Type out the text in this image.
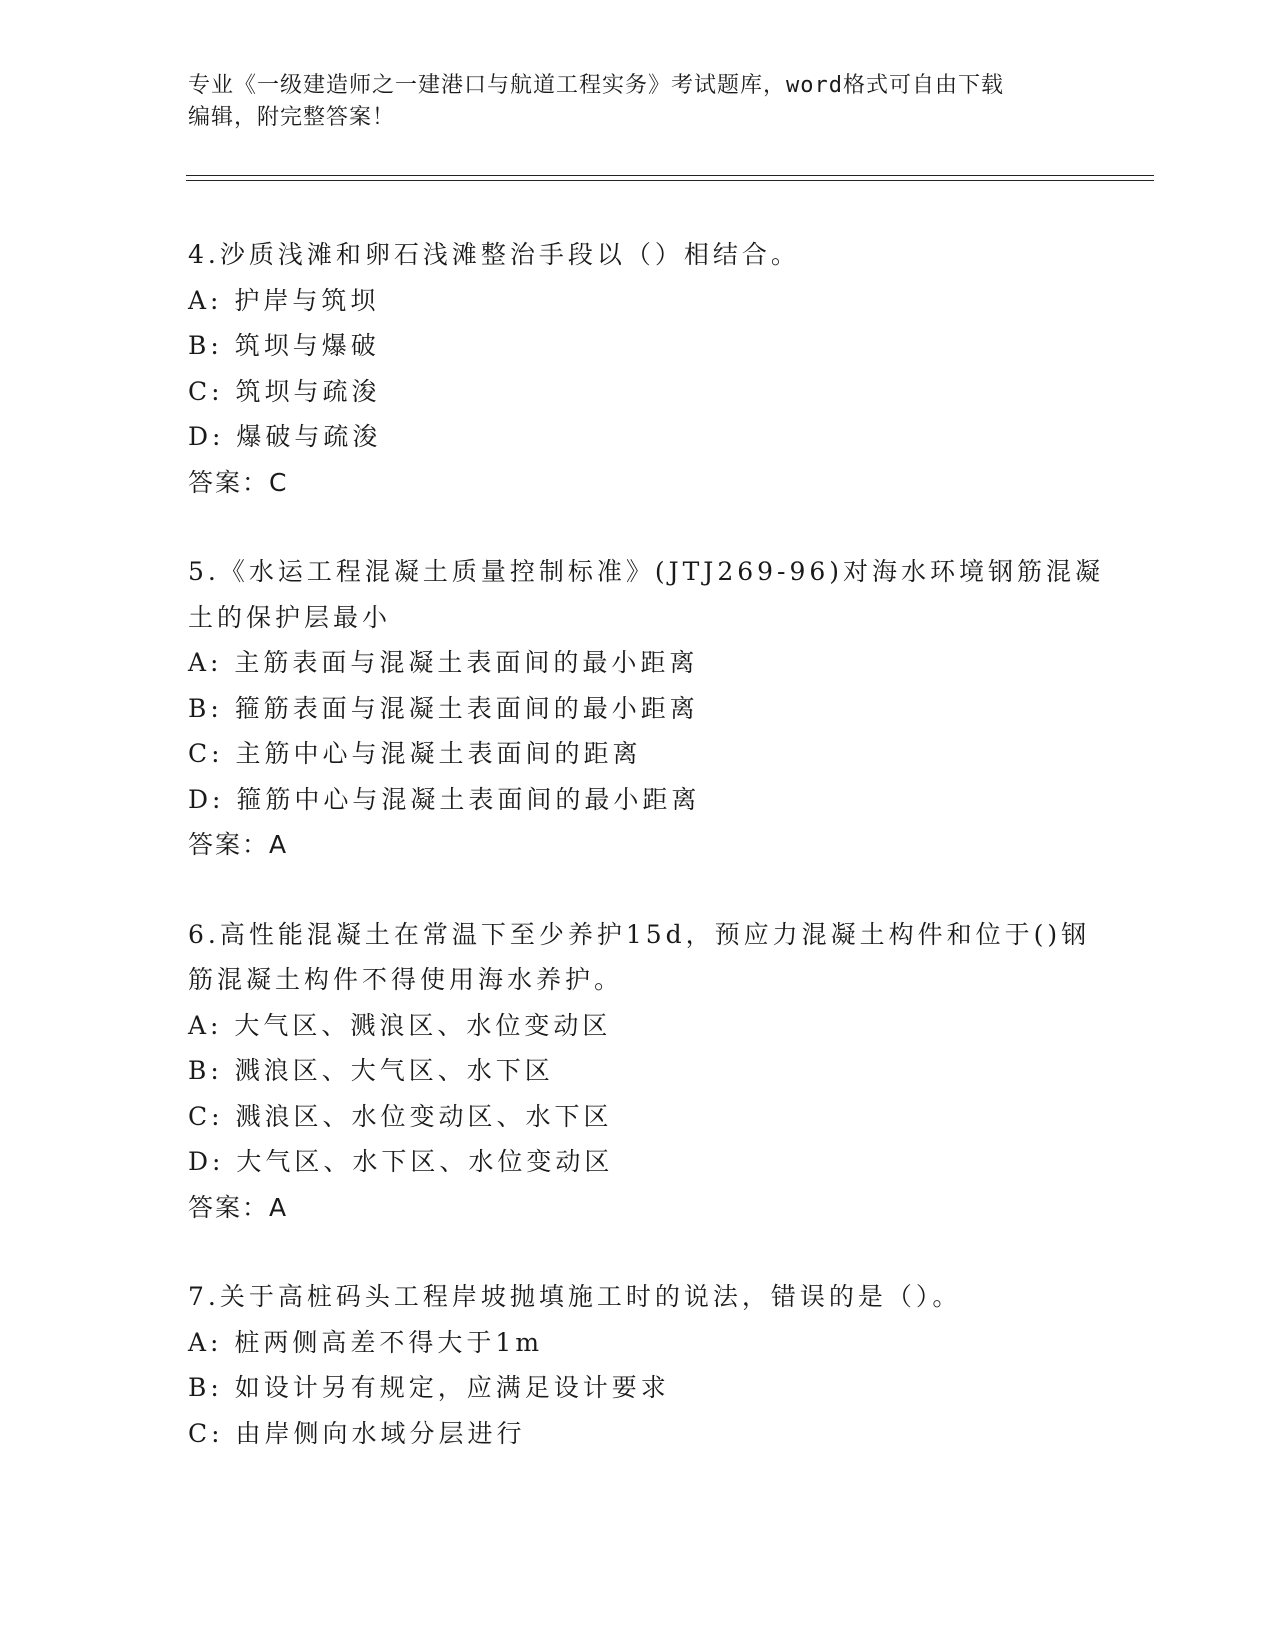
专业《一级建造师之一建港口与航道工程实务》考试题库，word格式可自由下载
编辑，附完整答案！
4.沙质浅滩和卵石浅滩整治手段以（）相结合。
A: 护岸与筑坝
B: 筑坝与爆破
C: 筑坝与疏浚
D: 爆破与疏浚
答案：C
5.《水运工程混凝土质量控制标准》(JTJ269-96)对海水环境钢筋混凝
土的保护层最小
A: 主筋表面与混凝土表面间的最小距离
B: 箍筋表面与混凝土表面间的最小距离
C: 主筋中心与混凝土表面间的距离
D: 箍筋中心与混凝土表面间的最小距离
答案：A
6.高性能混凝土在常温下至少养护15d，预应力混凝土构件和位于()钢
筋混凝土构件不得使用海水养护。
A: 大气区、溅浪区、水位变动区
B: 溅浪区、大气区、水下区
C: 溅浪区、水位变动区、水下区
D: 大气区、水下区、水位变动区
答案：A
7.关于高桩码头工程岸坡抛填施工时的说法，错误的是（）。
A: 桩两侧高差不得大于1m
B: 如设计另有规定，应满足设计要求
C: 由岸侧向水域分层进行
